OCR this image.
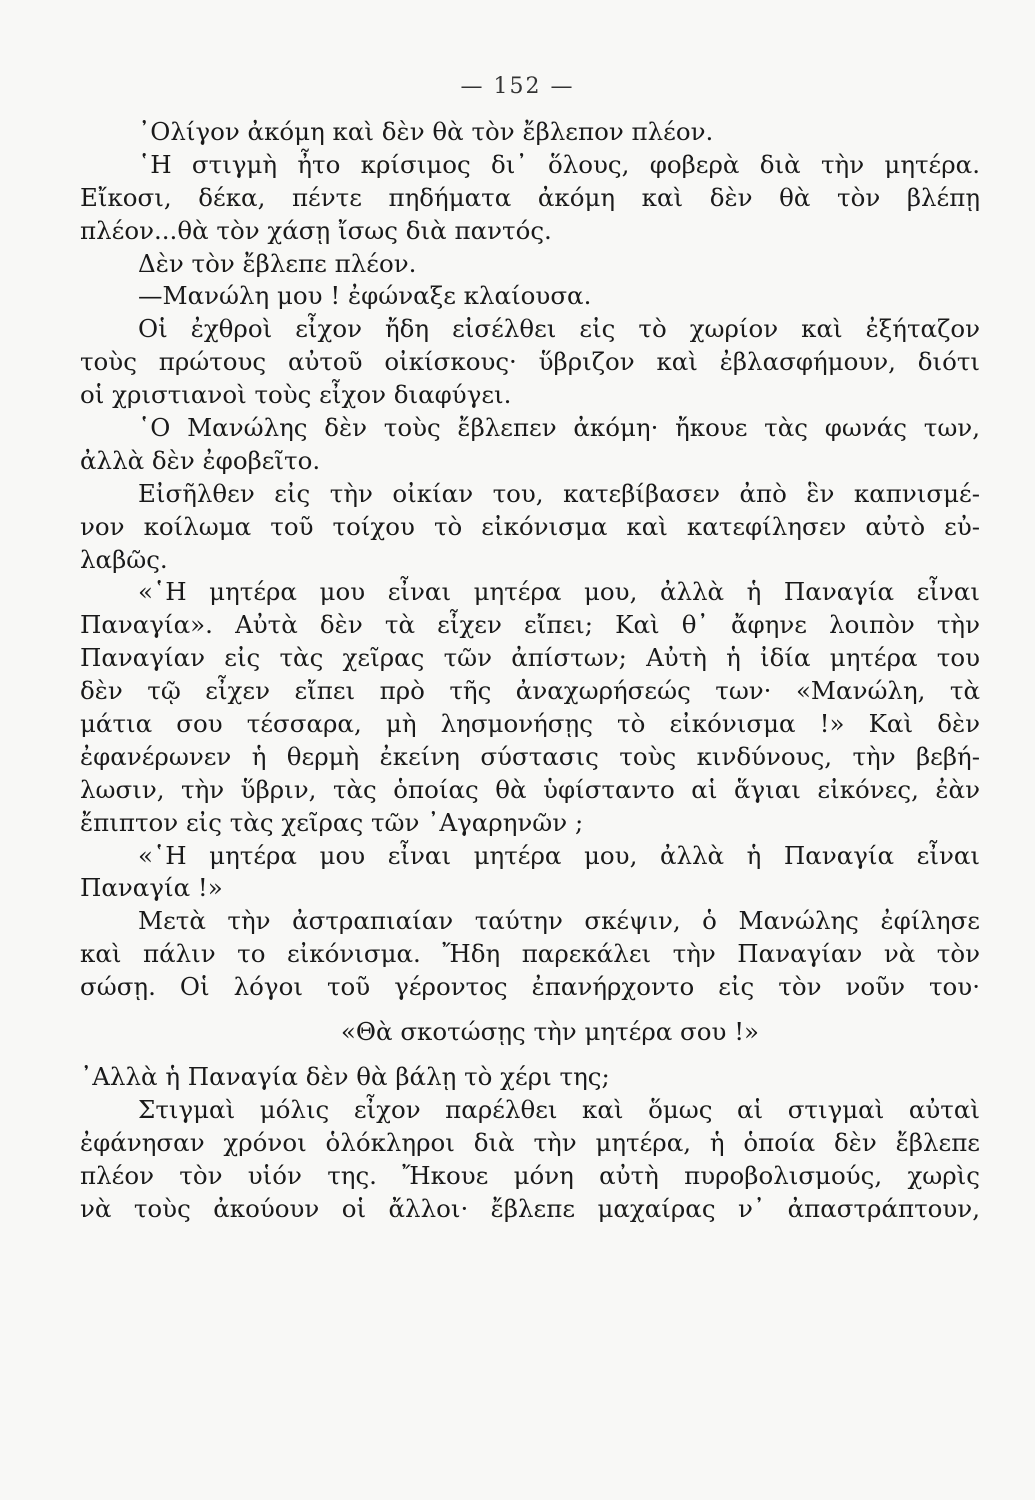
— 152 —
᾿Ολίγον ἀκόμη καὶ δὲν θὰ τὸν ἔβλεπον πλέον.
῾Η στιγμὴ ἦτο κρίσιμος δι᾿ ὅλους, φοβερὰ διὰ τὴν μητέρα.
Εἴκοσι, δέκα, πέντε πηδήματα ἀκόμη καὶ δὲν θὰ τὸν βλέπῃ
πλέον...θὰ τὸν χάσῃ ἴσως διὰ παντός.
Δὲν τὸν ἔβλεπε πλέον.
—Μανώλη μου ! ἐφώναξε κλαίουσα.
Οἱ ἐχθροὶ εἶχον ἤδη εἰσέλθει εἰς τὸ χωρίον καὶ ἐξήταζον
τοὺς πρώτους αὐτοῦ οἰκίσκους· ὕβριζον καὶ ἐβλασφήμουν, διότι
οἱ χριστιανοὶ τοὺς εἶχον διαφύγει.
῾Ο Μανώλης δὲν τοὺς ἔβλεπεν ἀκόμη· ἤκουε τὰς φωνάς των,
ἀλλὰ δὲν ἐφοβεῖτο.
Εἰσῆλθεν εἰς τὴν οἰκίαν του, κατεβίβασεν ἀπὸ ἓν καπνισμέ-
νον κοίλωμα τοῦ τοίχου τὸ εἰκόνισμα καὶ κατεφίλησεν αὐτὸ εὐ-
λαβῶς.
«῾Η μητέρα μου εἶναι μητέρα μου, ἀλλὰ ἡ Παναγία εἶναι
Παναγία». Αὐτὰ δὲν τὰ εἶχεν εἴπει; Καὶ θ᾿ ἄφηνε λοιπὸν τὴν
Παναγίαν εἰς τὰς χεῖρας τῶν ἀπίστων; Αὐτὴ ἡ ἰδία μητέρα του
δὲν τῷ εἶχεν εἴπει πρὸ τῆς ἀναχωρήσεώς των· «Μανώλη, τὰ
μάτια σου τέσσαρα, μὴ λησμονήσῃς τὸ εἰκόνισμα !» Καὶ δὲν
ἐφανέρωνεν ἡ θερμὴ ἐκείνη σύστασις τοὺς κινδύνους, τὴν βεβή-
λωσιν, τὴν ὕβριν, τὰς ὁποίας θὰ ὑφίσταντο αἱ ἅγιαι εἰκόνες, ἐὰν
ἔπιπτον εἰς τὰς χεῖρας τῶν ᾿Αγαρηνῶν ;
«῾Η μητέρα μου εἶναι μητέρα μου, ἀλλὰ ἡ Παναγία εἶναι
Παναγία !»
Μετὰ τὴν ἀστραπιαίαν ταύτην σκέψιν, ὁ Μανώλης ἐφίλησε
καὶ πάλιν το εἰκόνισμα. Ἤδη παρεκάλει τὴν Παναγίαν νὰ τὸν
σώσῃ. Οἱ λόγοι τοῦ γέροντος ἐπανήρχοντο εἰς τὸν νοῦν του·
«Θὰ σκοτώσῃς τὴν μητέρα σου !»
᾿Αλλὰ ἡ Παναγία δὲν θὰ βάλῃ τὸ χέρι της;
Στιγμαὶ μόλις εἶχον παρέλθει καὶ ὅμως αἱ στιγμαὶ αὐταὶ
ἐφάνησαν χρόνοι ὁλόκληροι διὰ τὴν μητέρα, ἡ ὁποία δὲν ἔβλεπε
πλέον τὸν υἱόν της. Ἤκουε μόνη αὐτὴ πυροβολισμούς, χωρὶς
νὰ τοὺς ἀκούουν οἱ ἄλλοι· ἔβλεπε μαχαίρας ν᾿ ἀπαστράπτουν,
